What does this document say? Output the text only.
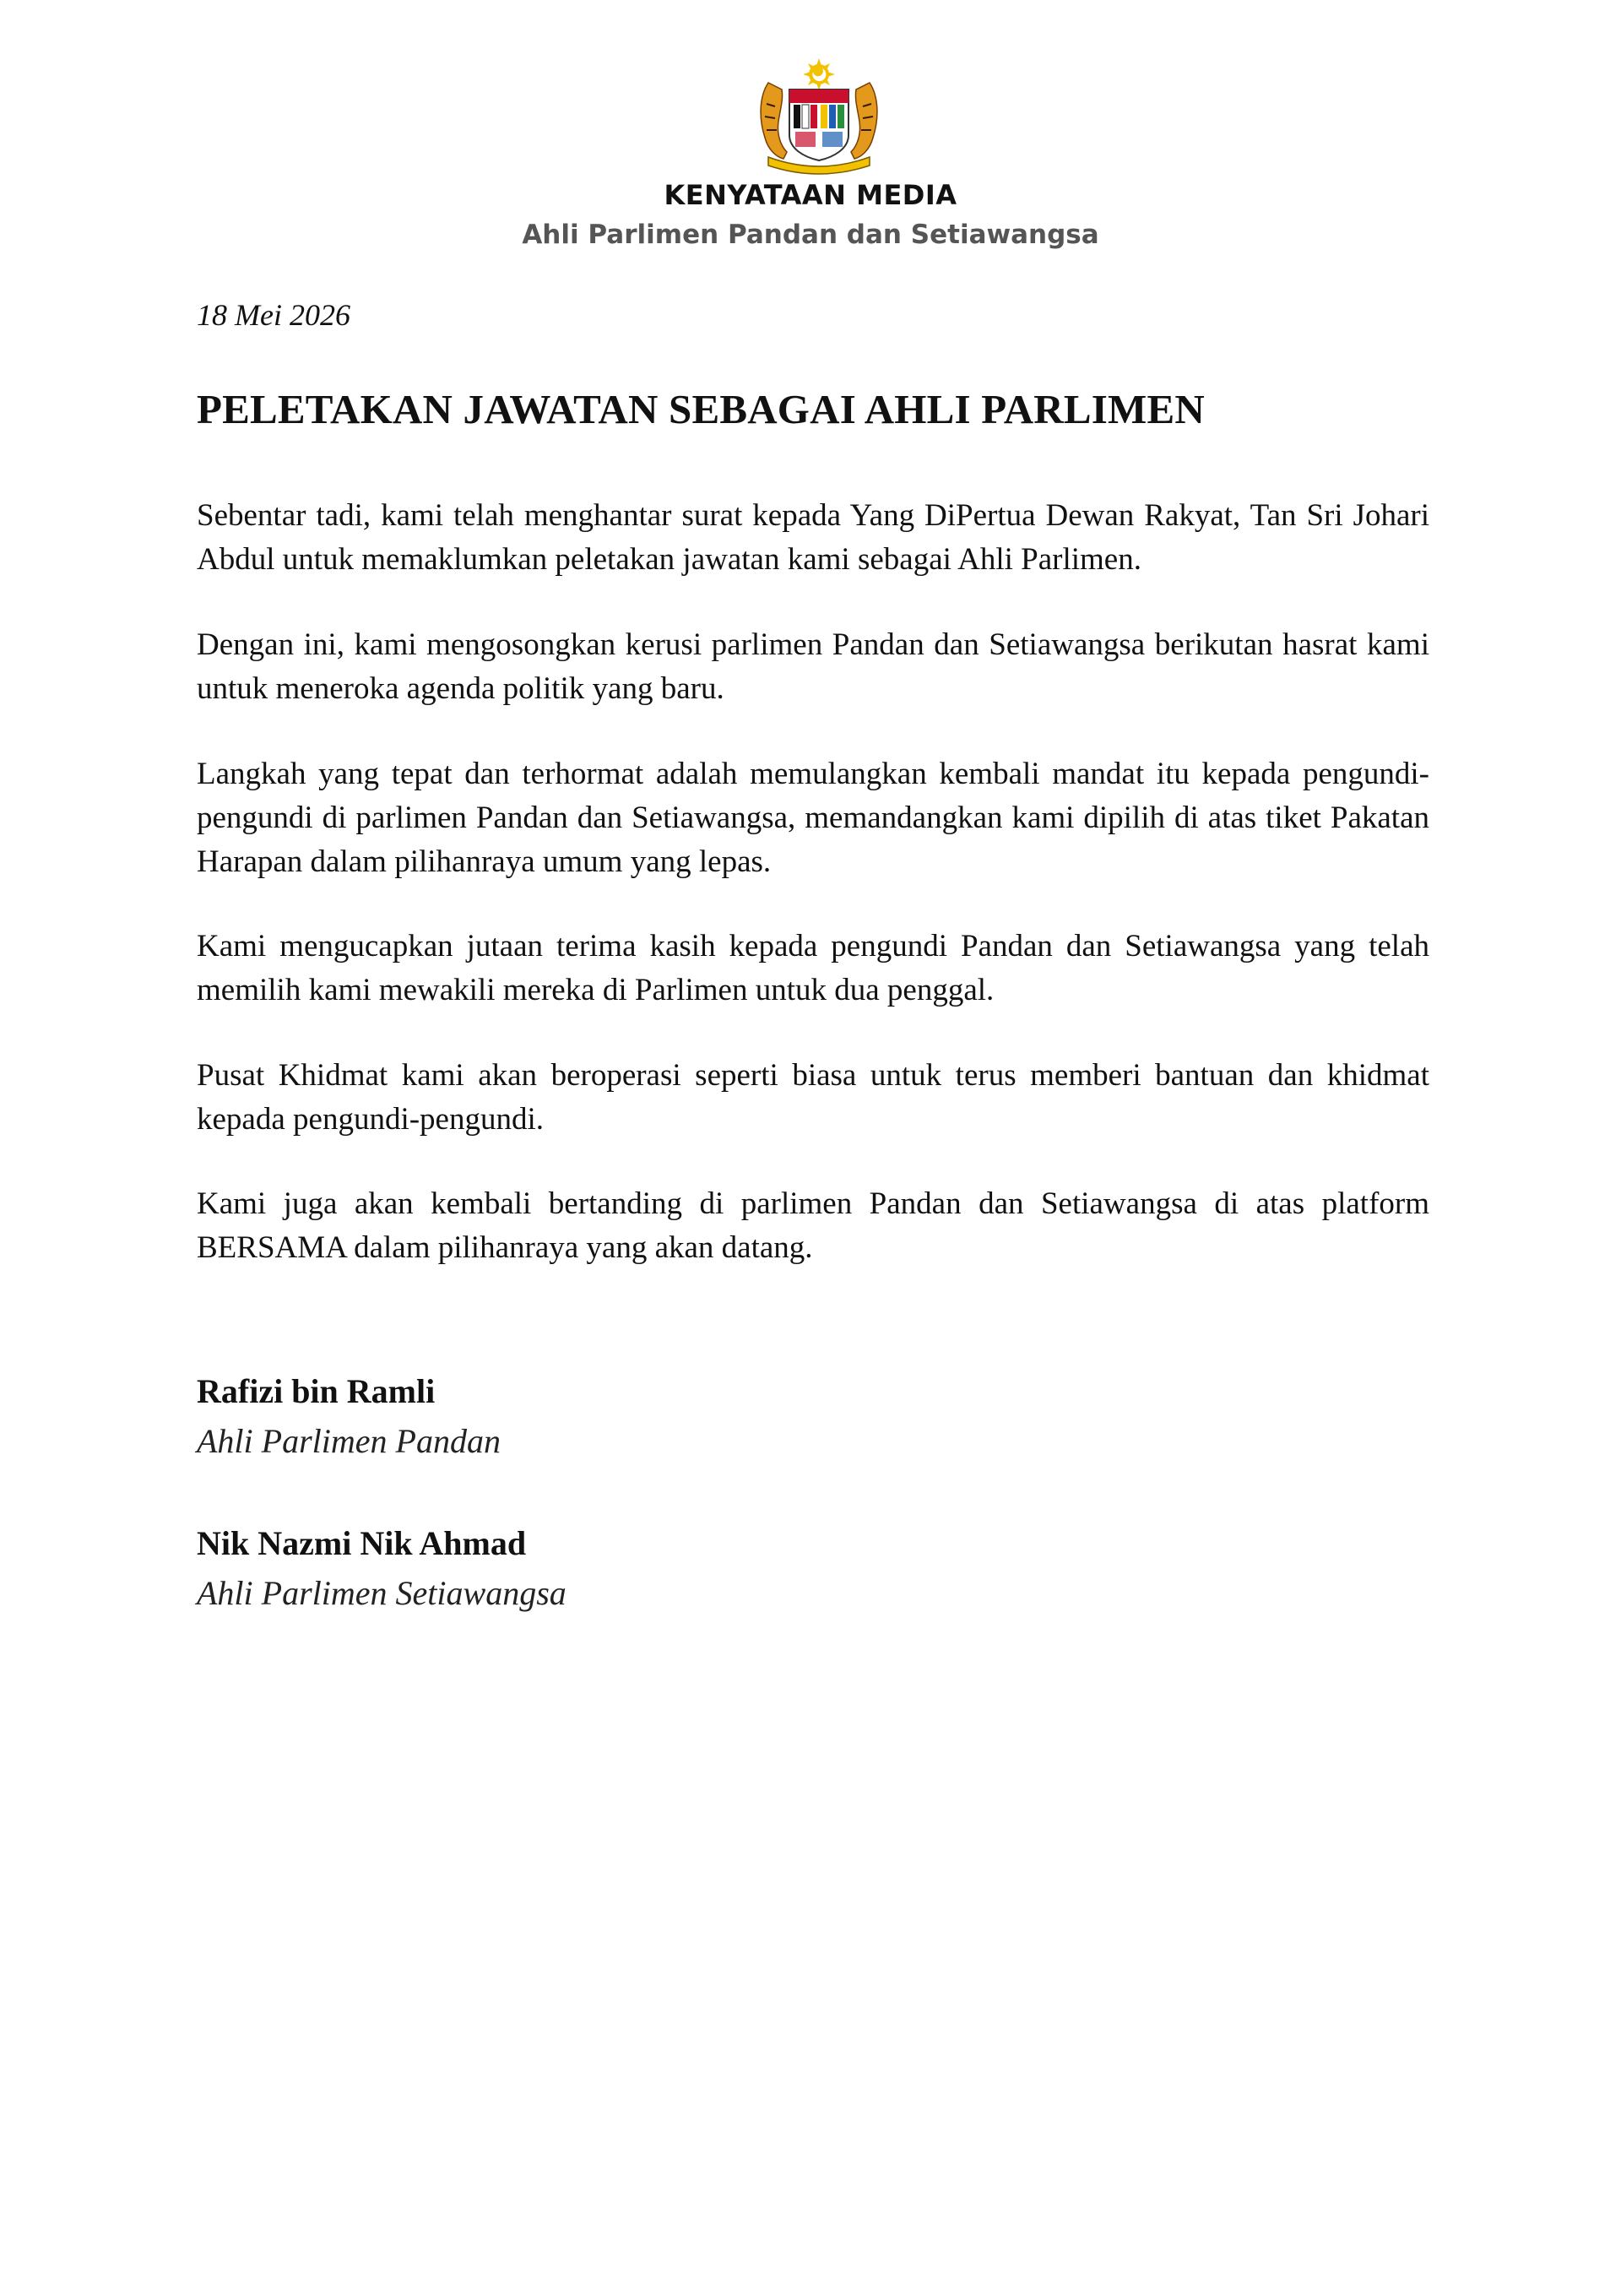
KENYATAAN MEDIA
Ahli Parlimen Pandan dan Setiawangsa
18 Mei 2026
PELETAKAN JAWATAN SEBAGAI AHLI PARLIMEN

Sebentar tadi, kami telah menghantar surat kepada Yang DiPertua Dewan Rakyat, Tan Sri Johari Abdul untuk memaklumkan peletakan jawatan kami sebagai Ahli Parlimen.

Dengan ini, kami mengosongkan kerusi parlimen Pandan dan Setiawangsa berikutan hasrat kami untuk meneroka agenda politik yang baru.

Langkah yang tepat dan terhormat adalah memulangkan kembali mandat itu kepada pengundi-pengundi di parlimen Pandan dan Setiawangsa, memandangkan kami dipilih di atas tiket Pakatan Harapan dalam pilihanraya umum yang lepas.

Kami mengucapkan jutaan terima kasih kepada pengundi Pandan dan Setiawangsa yang telah memilih kami mewakili mereka di Parlimen untuk dua penggal.

Pusat Khidmat kami akan beroperasi seperti biasa untuk terus memberi bantuan dan khidmat kepada pengundi-pengundi.

Kami juga akan kembali bertanding di parlimen Pandan dan Setiawangsa di atas platform BERSAMA dalam pilihanraya yang akan datang.

Rafizi bin Ramli
Ahli Parlimen Pandan
Nik Nazmi Nik Ahmad
Ahli Parlimen Setiawangsa
